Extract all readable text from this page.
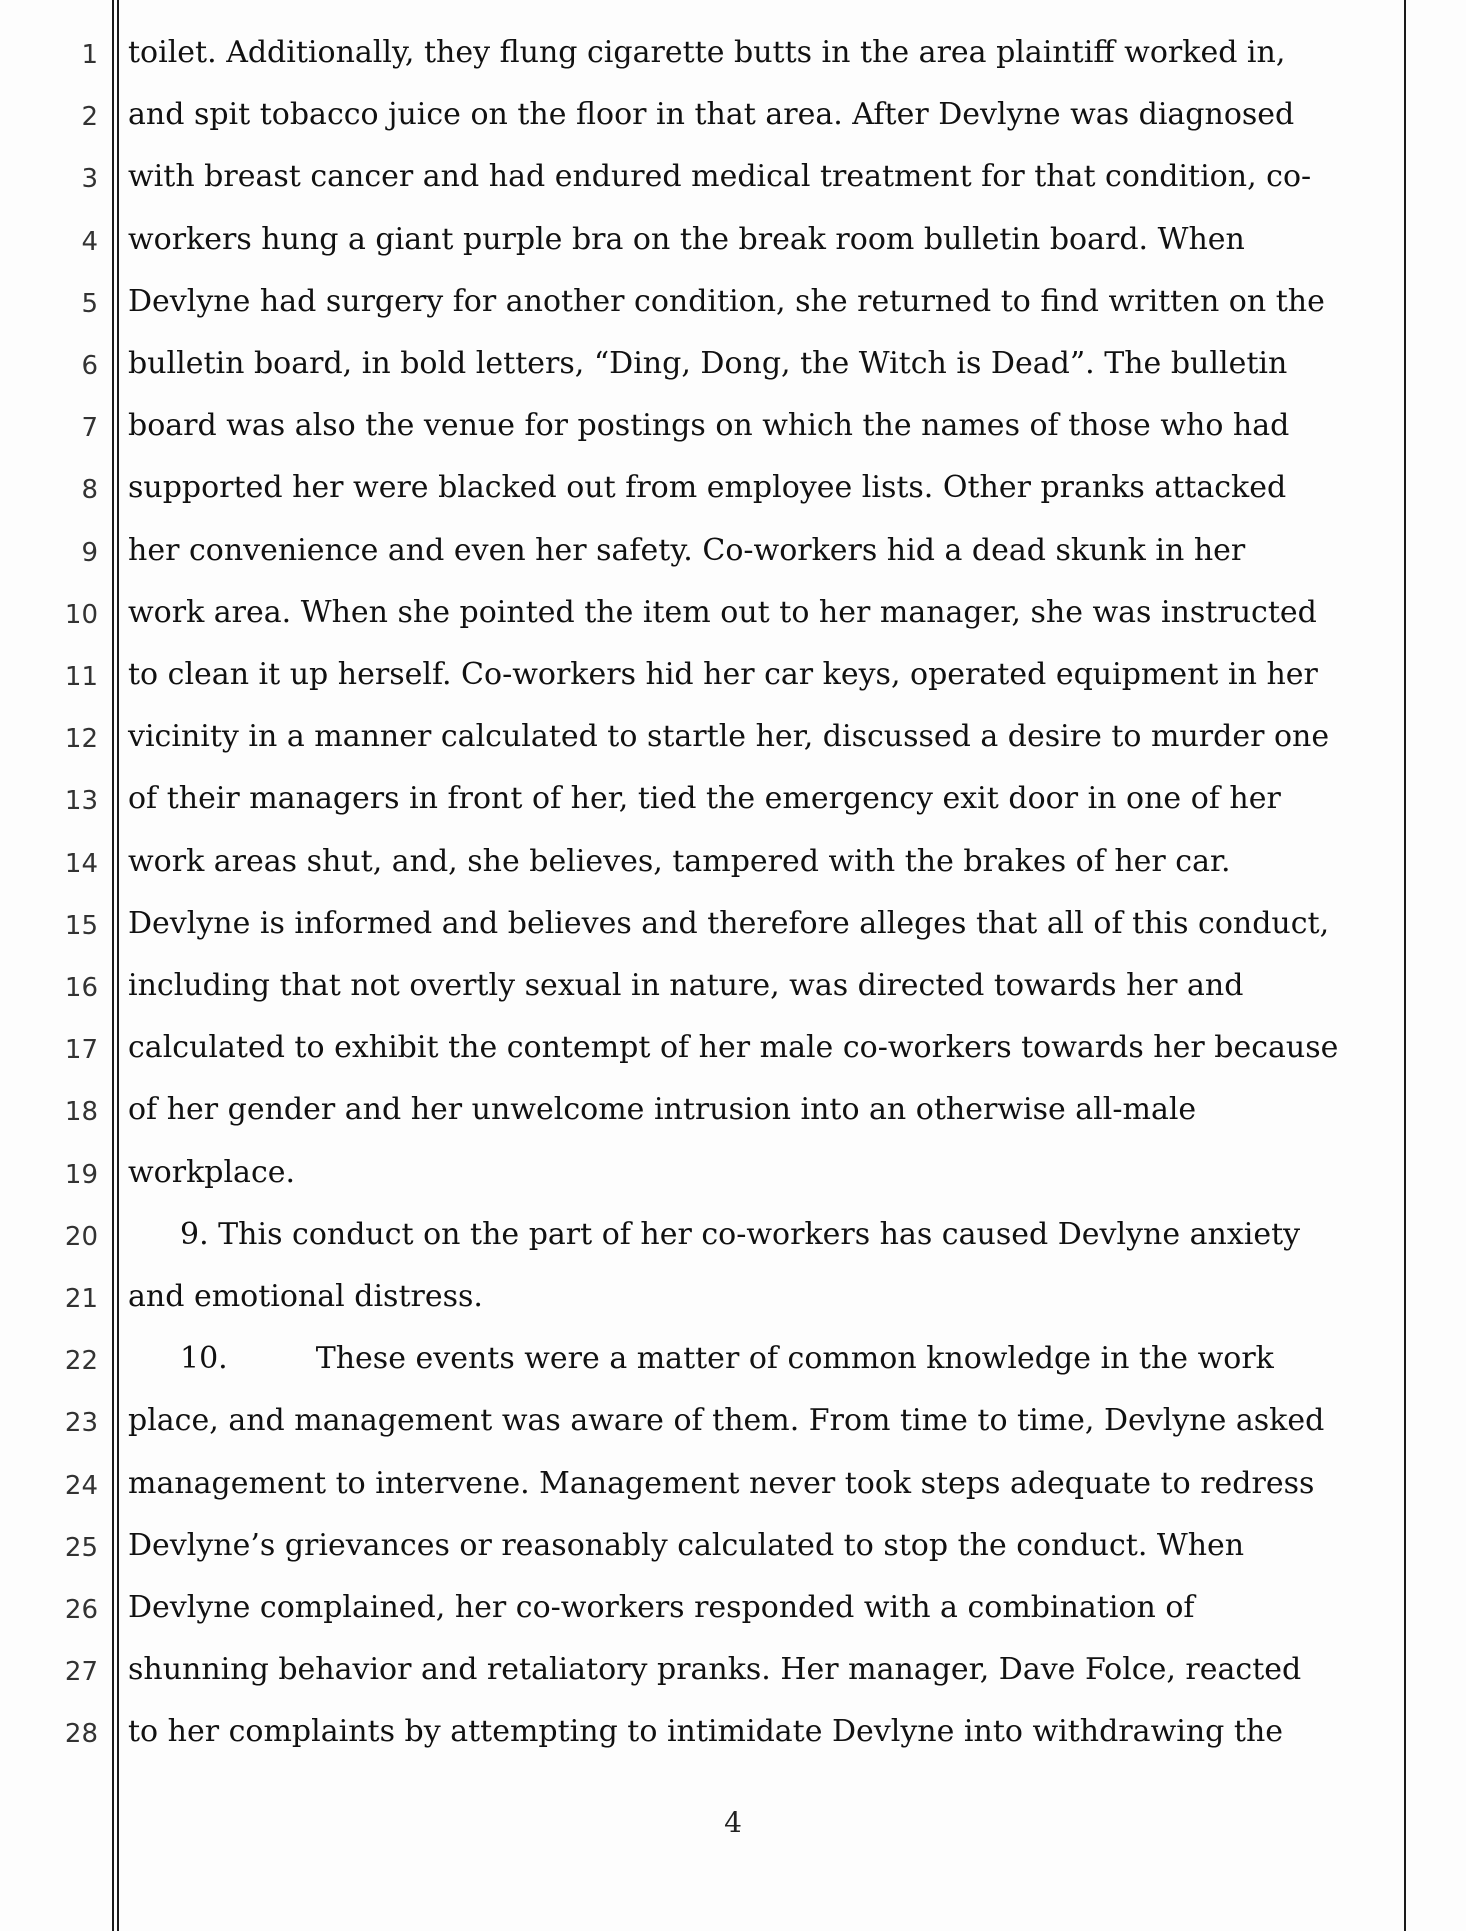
1
2
3
4
5
6
7
8
9
10
11
12
13
14
15
16
17
18
19
20
21
22
23
24
25
26
27
28
toilet. Additionally, they flung cigarette butts in the area plaintiff worked in,
and spit tobacco juice on the floor in that area. After Devlyne was diagnosed
with breast cancer and had endured medical treatment for that condition, co-
workers hung a giant purple bra on the break room bulletin board. When
Devlyne had surgery for another condition, she returned to find written on the
bulletin board, in bold letters, “Ding, Dong, the Witch is Dead”. The bulletin
board was also the venue for postings on which the names of those who had
supported her were blacked out from employee lists. Other pranks attacked
her convenience and even her safety. Co-workers hid a dead skunk in her
work area. When she pointed the item out to her manager, she was instructed
to clean it up herself. Co-workers hid her car keys, operated equipment in her
vicinity in a manner calculated to startle her, discussed a desire to murder one
of their managers in front of her, tied the emergency exit door in one of her
work areas shut, and, she believes, tampered with the brakes of her car.
Devlyne is informed and believes and therefore alleges that all of this conduct,
including that not overtly sexual in nature, was directed towards her and
calculated to exhibit the contempt of her male co-workers towards her because
of her gender and her unwelcome intrusion into an otherwise all-male
workplace.
9. This conduct on the part of her co-workers has caused Devlyne anxiety
and emotional distress.
10.	These events were a matter of common knowledge in the work
place, and management was aware of them. From time to time, Devlyne asked
management to intervene. Management never took steps adequate to redress
Devlyne’s grievances or reasonably calculated to stop the conduct. When
Devlyne complained, her co-workers responded with a combination of
shunning behavior and retaliatory pranks. Her manager, Dave Folce, reacted
to her complaints by attempting to intimidate Devlyne into withdrawing the
4
